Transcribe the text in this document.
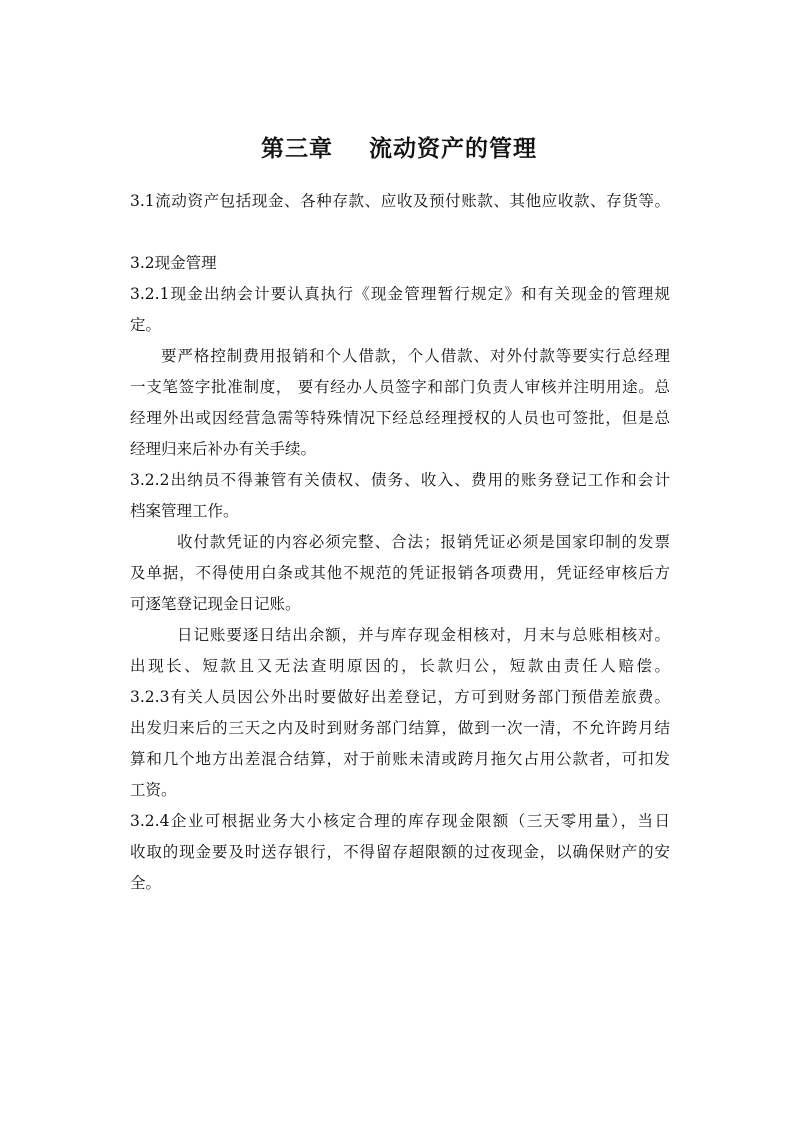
第三章    流动资产的管理
3.1流动资产包括现金、各种存款、应收及预付账款、其他应收款、存货等。
3.2现金管理
3.2.1现金出纳会计要认真执行《现金管理暂行规定》和有关现金的管理规
定。
要严格控制费用报销和个人借款，个人借款、对外付款等要实行总经理
一支笔签字批准制度， 要有经办人员签字和部门负责人审核并注明用途。总
经理外出或因经营急需等特殊情况下经总经理授权的人员也可签批，但是总
经理归来后补办有关手续。
3.2.2出纳员不得兼管有关债权、债务、收入、费用的账务登记工作和会计
档案管理工作。
收付款凭证的内容必须完整、合法；报销凭证必须是国家印制的发票
及单据，不得使用白条或其他不规范的凭证报销各项费用，凭证经审核后方
可逐笔登记现金日记账。
日记账要逐日结出余额，并与库存现金相核对，月末与总账相核对。
出现长、短款且又无法查明原因的，长款归公，短款由责任人赔偿。
3.2.3有关人员因公外出时要做好出差登记，方可到财务部门预借差旅费。
出发归来后的三天之内及时到财务部门结算，做到一次一清，不允许跨月结
算和几个地方出差混合结算，对于前账未清或跨月拖欠占用公款者，可扣发
工资。
3.2.4企业可根据业务大小核定合理的库存现金限额（三天零用量），当日
收取的现金要及时送存银行，不得留存超限额的过夜现金，以确保财产的安
全。
